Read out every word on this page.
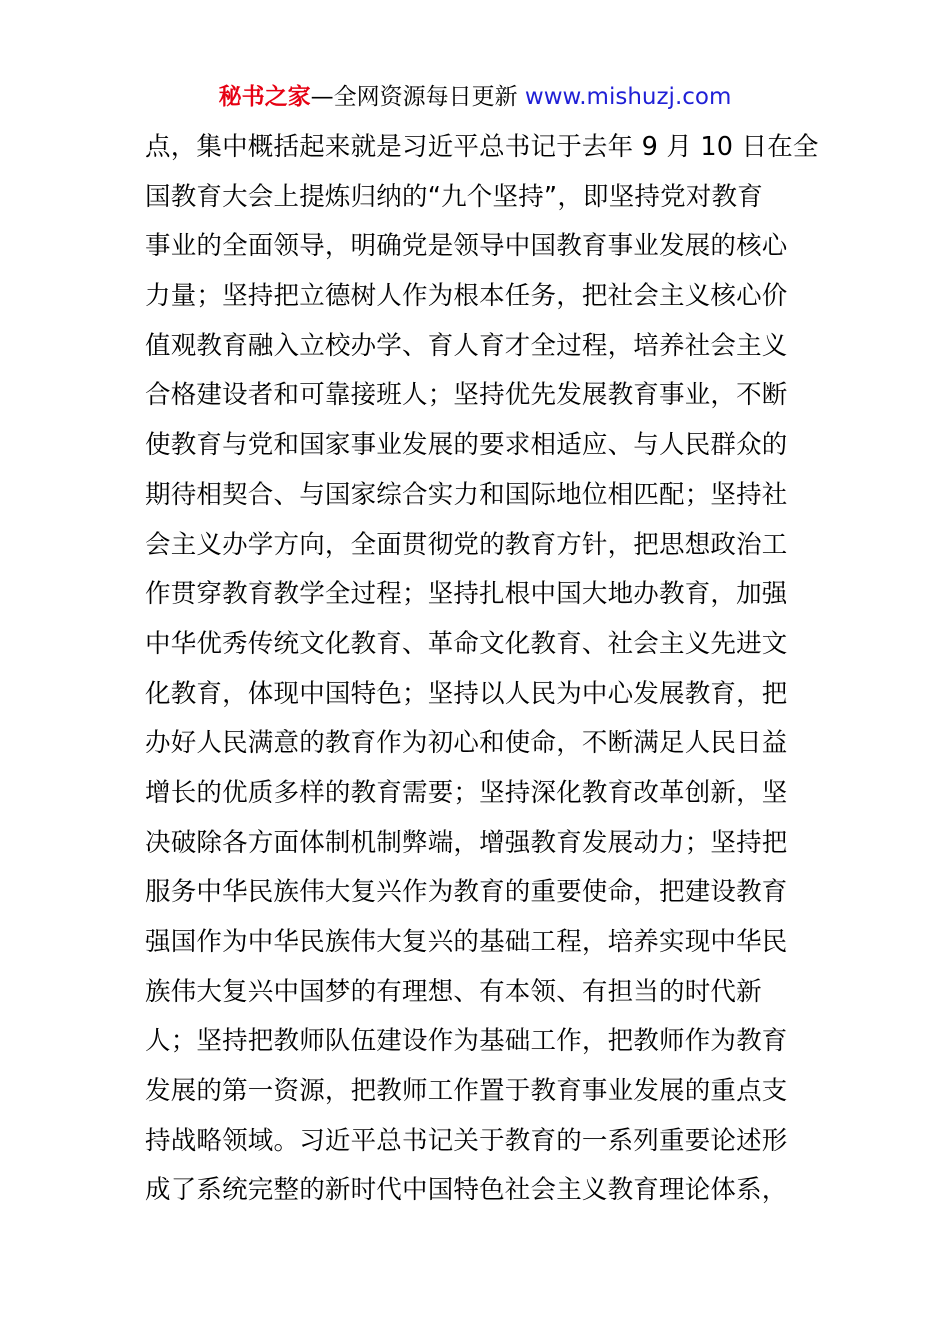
秘书之家—全网资源每日更新 www.mishuzj.com
点，集中概括起来就是习近平总书记于去年 9 月 10 日在全
国教育大会上提炼归纳的“九个坚持”，即坚持党对教育
事业的全面领导，明确党是领导中国教育事业发展的核心
力量；坚持把立德树人作为根本任务，把社会主义核心价
值观教育融入立校办学、育人育才全过程，培养社会主义
合格建设者和可靠接班人；坚持优先发展教育事业，不断
使教育与党和国家事业发展的要求相适应、与人民群众的
期待相契合、与国家综合实力和国际地位相匹配；坚持社
会主义办学方向，全面贯彻党的教育方针，把思想政治工
作贯穿教育教学全过程；坚持扎根中国大地办教育，加强
中华优秀传统文化教育、革命文化教育、社会主义先进文
化教育，体现中国特色；坚持以人民为中心发展教育，把
办好人民满意的教育作为初心和使命，不断满足人民日益
增长的优质多样的教育需要；坚持深化教育改革创新，坚
决破除各方面体制机制弊端，增强教育发展动力；坚持把
服务中华民族伟大复兴作为教育的重要使命，把建设教育
强国作为中华民族伟大复兴的基础工程，培养实现中华民
族伟大复兴中国梦的有理想、有本领、有担当的时代新
人；坚持把教师队伍建设作为基础工作，把教师作为教育
发展的第一资源，把教师工作置于教育事业发展的重点支
持战略领域。习近平总书记关于教育的一系列重要论述形
成了系统完整的新时代中国特色社会主义教育理论体系，
